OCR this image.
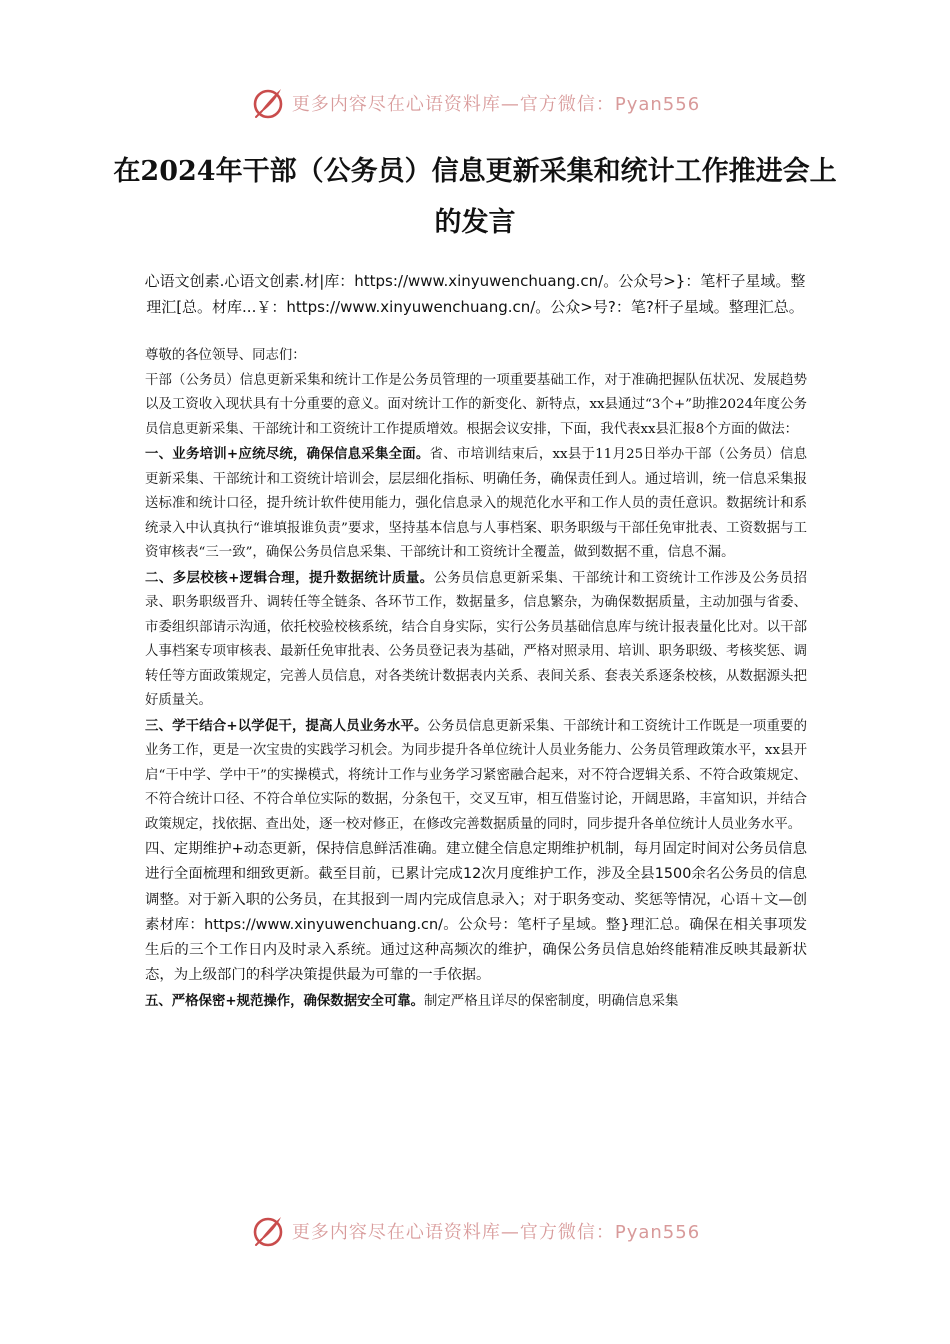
更多内容尽在心语资料库—官方微信：Pyan556
在2024年干部（公务员）信息更新采集和统计工作推进会上的发言
心语文创素.心语文创素.材|库：https://www.xinyuwenchuang.cn/。公众号>}：笔杆子星域。整理汇[总。材库...￥：https://www.xinyuwenchuang.cn/。公众>号?：笔?杆子星域。整理汇总。

尊敬的各位领导、同志们：

干部（公务员）信息更新采集和统计工作是公务员管理的一项重要基础工作，对于准确把握队伍状况、发展趋势以及工资收入现状具有十分重要的意义。面对统计工作的新变化、新特点，xx县通过“3个+”助推2024年度公务员信息更新采集、干部统计和工资统计工作提质增效。根据会议安排，下面，我代表xx县汇报8个方面的做法：

一、业务培训+应统尽统，确保信息采集全面。省、市培训结束后，xx县于11月25日举办干部（公务员）信息更新采集、干部统计和工资统计培训会，层层细化指标、明确任务，确保责任到人。通过培训，统一信息采集报送标准和统计口径，提升统计软件使用能力，强化信息录入的规范化水平和工作人员的责任意识。数据统计和系统录入中认真执行“谁填报谁负责”要求，坚持基本信息与人事档案、职务职级与干部任免审批表、工资数据与工资审核表“三一致”，确保公务员信息采集、干部统计和工资统计全覆盖，做到数据不重，信息不漏。

二、多层校核+逻辑合理，提升数据统计质量。公务员信息更新采集、干部统计和工资统计工作涉及公务员招录、职务职级晋升、调转任等全链条、各环节工作，数据量多，信息繁杂，为确保数据质量，主动加强与省委、市委组织部请示沟通，依托校验校核系统，结合自身实际，实行公务员基础信息库与统计报表量化比对。以干部人事档案专项审核表、最新任免审批表、公务员登记表为基础，严格对照录用、培训、职务职级、考核奖惩、调转任等方面政策规定，完善人员信息，对各类统计数据表内关系、表间关系、套表关系逐条校核，从数据源头把好质量关。

三、学干结合+以学促干，提高人员业务水平。公务员信息更新采集、干部统计和工资统计工作既是一项重要的业务工作，更是一次宝贵的实践学习机会。为同步提升各单位统计人员业务能力、公务员管理政策水平，xx县开启“干中学、学中干”的实操模式，将统计工作与业务学习紧密融合起来，对不符合逻辑关系、不符合政策规定、不符合统计口径、不符合单位实际的数据，分条包干，交叉互审，相互借鉴讨论，开阔思路，丰富知识，并结合政策规定，找依据、查出处，逐一校对修正，在修改完善数据质量的同时，同步提升各单位统计人员业务水平。

四、定期维护+动态更新，保持信息鲜活准确。建立健全信息定期维护机制，每月固定时间对公务员信息进行全面梳理和细致更新。截至目前，已累计完成12次月度维护工作，涉及全县1500余名公务员的信息调整。对于新入职的公务员，在其报到一周内完成信息录入；对于职务变动、奖惩等情况，心语＋文—创素材库：https://www.xinyuwenchuang.cn/。公众号：笔杆子星域。整}理汇总。确保在相关事项发生后的三个工作日内及时录入系统。通过这种高频次的维护，确保公务员信息始终能精准反映其最新状态，为上级部门的科学决策提供最为可靠的一手依据。

五、严格保密+规范操作，确保数据安全可靠。制定严格且详尽的保密制度，明确信息采集

更多内容尽在心语资料库—官方微信：Pyan556
